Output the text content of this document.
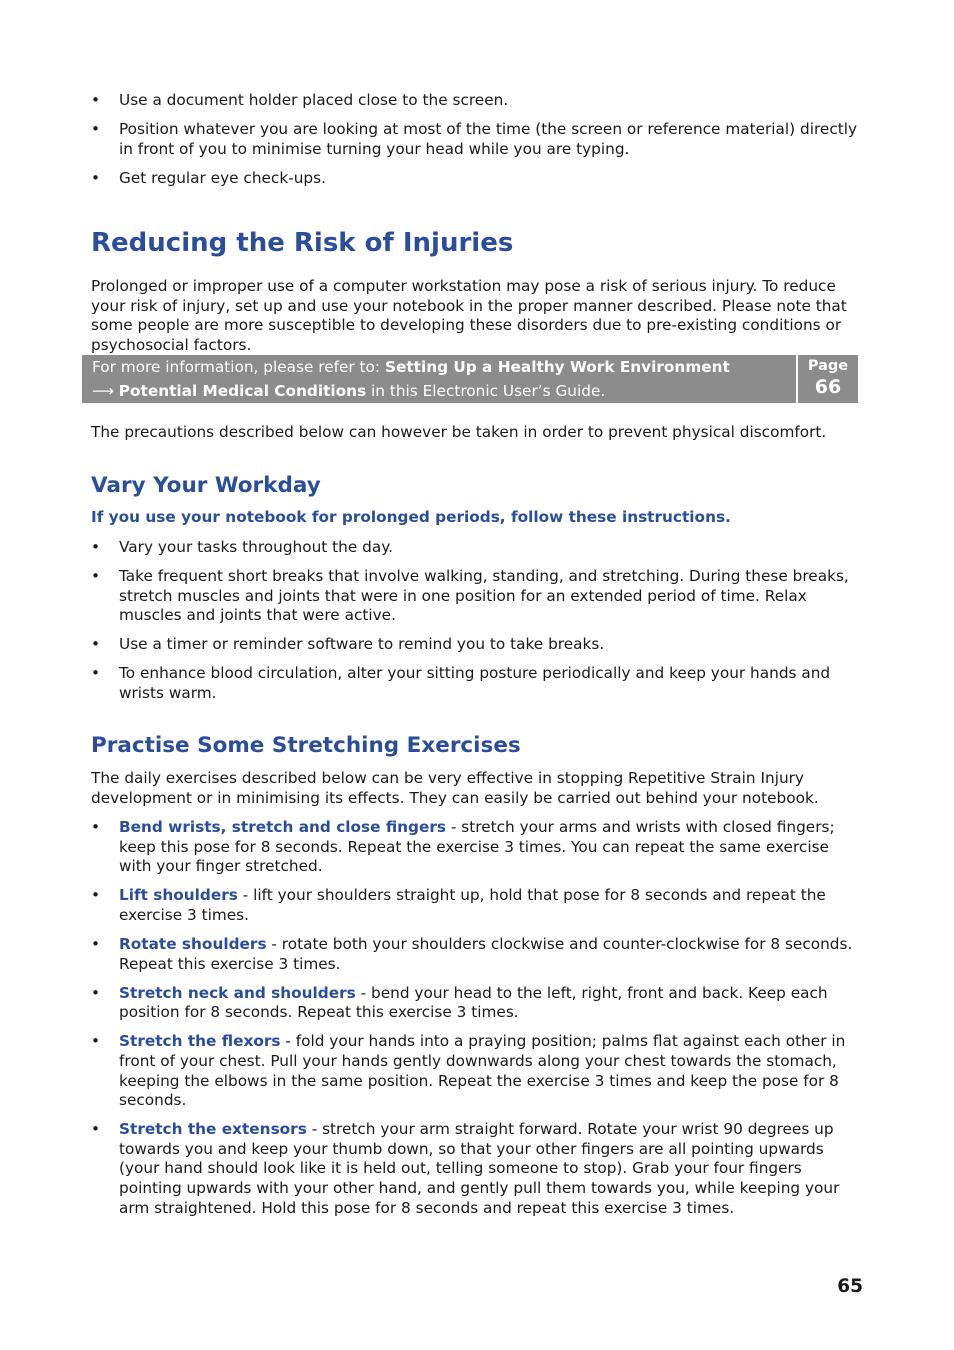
• Use a document holder placed close to the screen.
• Position whatever you are looking at most of the time (the screen or reference material) directly in front of you to minimise turning your head while you are typing.
• Get regular eye check-ups.
Reducing the Risk of Injuries

Prolonged or improper use of a computer workstation may pose a risk of serious injury. To reduce your risk of injury, set up and use your notebook in the proper manner described. Please note that some people are more susceptible to developing these disorders due to pre-existing conditions or psychosocial factors.

The precautions described below can however be taken in order to prevent physical discomfort.

Vary Your Workday

If you use your notebook for prolonged periods, follow these instructions.

• Vary your tasks throughout the day.
• Take frequent short breaks that involve walking, standing, and stretching. During these breaks, stretch muscles and joints that were in one position for an extended period of time. Relax muscles and joints that were active.
• Use a timer or reminder software to remind you to take breaks.
• To enhance blood circulation, alter your sitting posture periodically and keep your hands and wrists warm.
Practise Some Stretching Exercises

The daily exercises described below can be very effective in stopping Repetitive Strain Injury development or in minimising its effects. They can easily be carried out behind your notebook.

• Bend wrists, stretch and close fingers - stretch your arms and wrists with closed fingers; keep this pose for 8 seconds. Repeat the exercise 3 times. You can repeat the same exercise with your finger stretched.
• Lift shoulders - lift your shoulders straight up, hold that pose for 8 seconds and repeat the exercise 3 times.
• Rotate shoulders - rotate both your shoulders clockwise and counter-clockwise for 8 seconds. Repeat this exercise 3 times.
• Stretch neck and shoulders - bend your head to the left, right, front and back. Keep each position for 8 seconds. Repeat this exercise 3 times.
• Stretch the flexors - fold your hands into a praying position; palms flat against each other in front of your chest. Pull your hands gently downwards along your chest towards the stomach, keeping the elbows in the same position. Repeat the exercise 3 times and keep the pose for 8 seconds.
• Stretch the extensors - stretch your arm straight forward. Rotate your wrist 90 degrees up towards you and keep your thumb down, so that your other fingers are all pointing upwards (your hand should look like it is held out, telling someone to stop). Grab your four fingers pointing upwards with your other hand, and gently pull them towards you, while keeping your arm straightened. Hold this pose for 8 seconds and repeat this exercise 3 times.
For more information, please refer to: Setting Up a Healthy Work Environment
⟶ Potential Medical Conditions in this Electronic User’s Guide.
Page
66
65
